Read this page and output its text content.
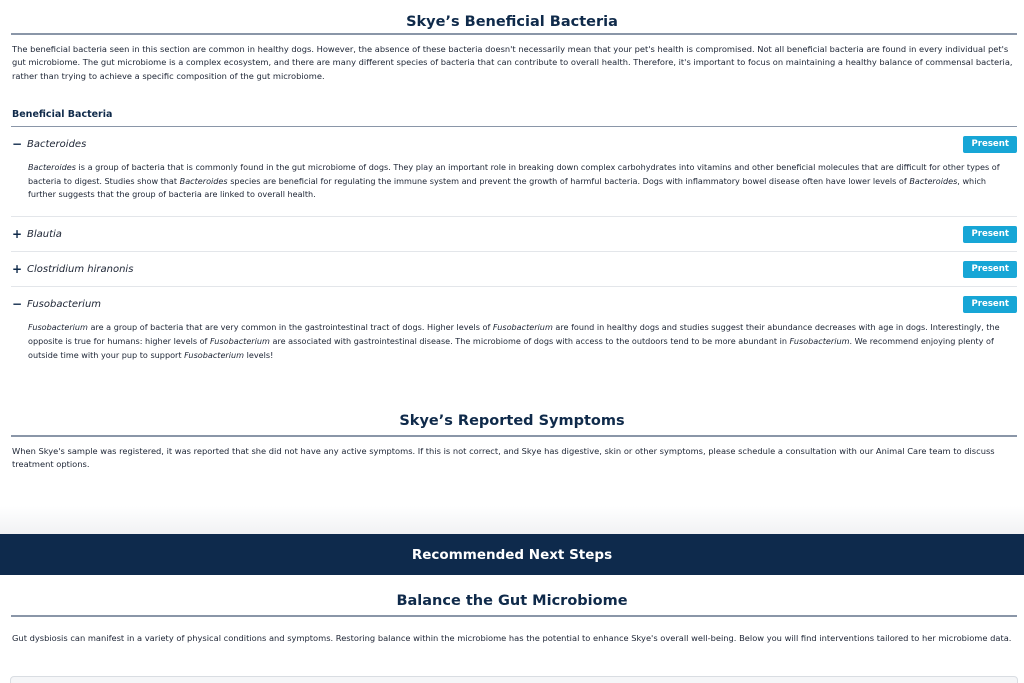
Skye’s Beneficial Bacteria

The beneficial bacteria seen in this section are common in healthy dogs. However, the absence of these bacteria doesn't necessarily mean that your pet's health is compromised. Not all beneficial bacteria are found in every individual pet's gut microbiome. The gut microbiome is a complex ecosystem, and there are many different species of bacteria that can contribute to overall health. Therefore, it's important to focus on maintaining a healthy balance of commensal bacteria, rather than trying to achieve a specific composition of the gut microbiome.

Beneficial Bacteria
− Bacteroides	Present

Bacteroides is a group of bacteria that is commonly found in the gut microbiome of dogs. They play an important role in breaking down complex carbohydrates into vitamins and other beneficial molecules that are difficult for other types of bacteria to digest. Studies show that Bacteroides species are beneficial for regulating the immune system and prevent the growth of harmful bacteria. Dogs with inflammatory bowel disease often have lower levels of Bacteroides, which further suggests that the group of bacteria are linked to overall health.

+ Blautia	Present
+ Clostridium hiranonis	Present
− Fusobacterium	Present

Fusobacterium are a group of bacteria that are very common in the gastrointestinal tract of dogs. Higher levels of Fusobacterium are found in healthy dogs and studies suggest their abundance decreases with age in dogs. Interestingly, the opposite is true for humans: higher levels of Fusobacterium are associated with gastrointestinal disease. The microbiome of dogs with access to the outdoors tend to be more abundant in Fusobacterium. We recommend enjoying plenty of outside time with your pup to support Fusobacterium levels!

Skye’s Reported Symptoms

When Skye's sample was registered, it was reported that she did not have any active symptoms. If this is not correct, and Skye has digestive, skin or other symptoms, please schedule a consultation with our Animal Care team to discuss treatment options.

Recommended Next Steps
Balance the Gut Microbiome

Gut dysbiosis can manifest in a variety of physical conditions and symptoms. Restoring balance within the microbiome has the potential to enhance Skye's overall well-being. Below you will find interventions tailored to her microbiome data.
